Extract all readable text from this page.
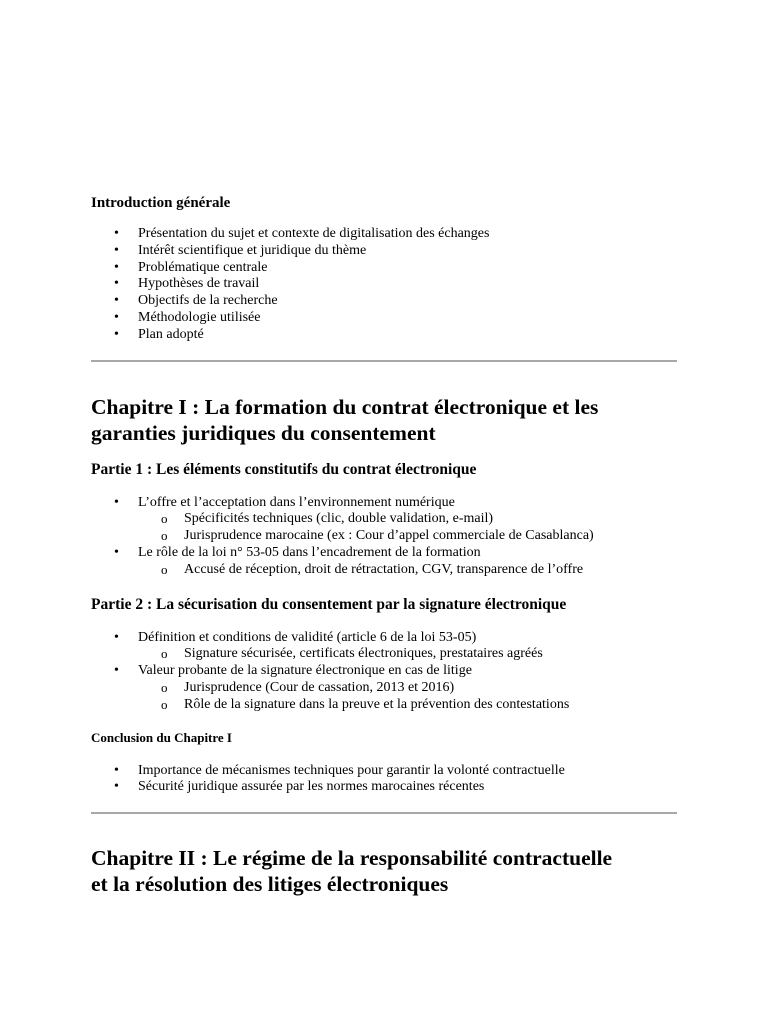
Introduction générale
• Présentation du sujet et contexte de digitalisation des échanges
• Intérêt scientifique et juridique du thème
• Problématique centrale
• Hypothèses de travail
• Objectifs de la recherche
• Méthodologie utilisée
• Plan adopté
Chapitre I : La formation du contrat électronique et les
garanties juridiques du consentement
Partie 1 : Les éléments constitutifs du contrat électronique
• L’offre et l’acceptation dans l’environnement numérique
o Spécificités techniques (clic, double validation, e-mail)
o Jurisprudence marocaine (ex : Cour d’appel commerciale de Casablanca)
• Le rôle de la loi n° 53-05 dans l’encadrement de la formation
o Accusé de réception, droit de rétractation, CGV, transparence de l’offre
Partie 2 : La sécurisation du consentement par la signature électronique
• Définition et conditions de validité (article 6 de la loi 53-05)
o Signature sécurisée, certificats électroniques, prestataires agréés
• Valeur probante de la signature électronique en cas de litige
o Jurisprudence (Cour de cassation, 2013 et 2016)
o Rôle de la signature dans la preuve et la prévention des contestations
Conclusion du Chapitre I
• Importance de mécanismes techniques pour garantir la volonté contractuelle
• Sécurité juridique assurée par les normes marocaines récentes
Chapitre II : Le régime de la responsabilité contractuelle
et la résolution des litiges électroniques
